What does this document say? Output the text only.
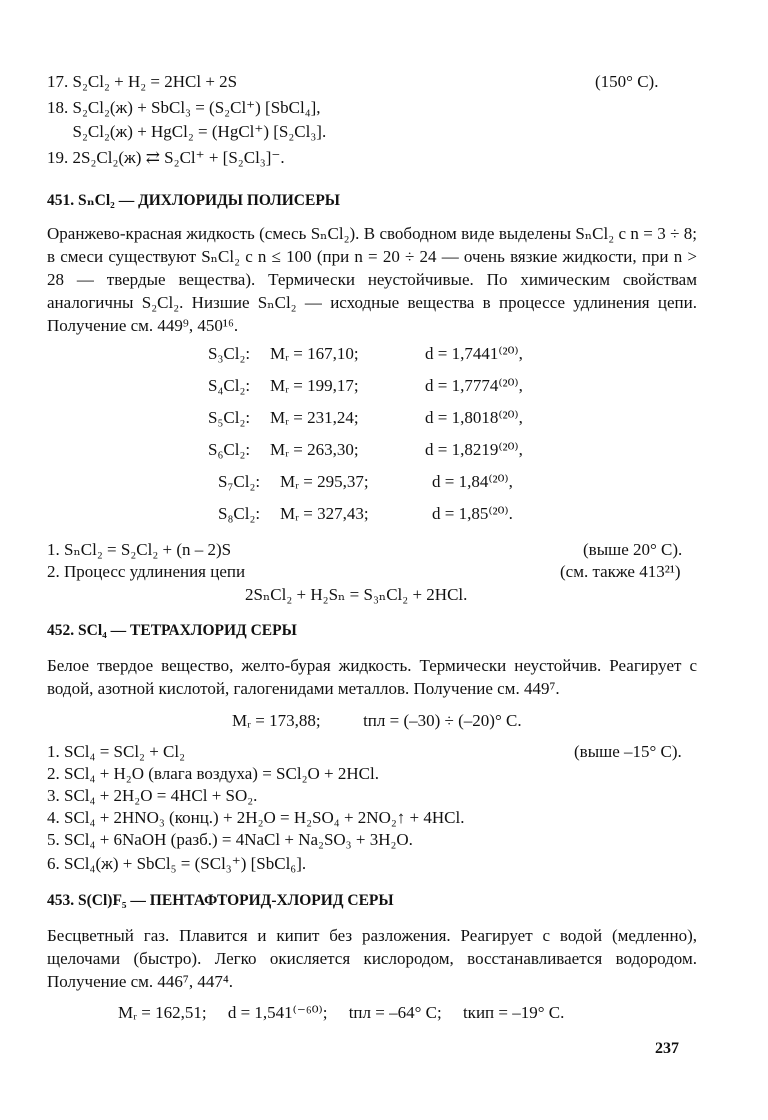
17. S₂Cl₂ + H₂ = 2HCl + 2S	(150° C).
18. S₂Cl₂(ж) + SbCl₃ = (S₂Cl⁺) [SbCl₄],
S₂Cl₂(ж) + HgCl₂ = (HgCl⁺) [S₂Cl₃].
19. 2S₂Cl₂(ж) ⇄ S₂Cl⁺ + [S₂Cl₃]⁻.
451. SₙCl₂ — ДИХЛОРИДЫ ПОЛИСЕРЫ
Оранжево-красная жидкость (смесь SₙCl₂). В свободном виде выделены SₙCl₂ с n = 3 ÷ 8; в смеси существуют SₙCl₂ с n ≤ 100 (при n = 20 ÷ 24 — очень вязкие жидкости, при n > 28 — твердые вещества). Термически неустойчивые. По химическим свойствам аналогичны S₂Cl₂. Низшие SₙCl₂ — исходные вещества в процессе удлинения цепи. Получение см. 449⁹, 450¹⁶.
S₃Cl₂: Mᵣ = 167,10;	d = 1,7441⁽²⁰⁾,
S₄Cl₂: Mᵣ = 199,17;	d = 1,7774⁽²⁰⁾,
S₅Cl₂: Mᵣ = 231,24;	d = 1,8018⁽²⁰⁾,
S₆Cl₂: Mᵣ = 263,30;	d = 1,8219⁽²⁰⁾,
S₇Cl₂: Mᵣ = 295,37;	d = 1,84⁽²⁰⁾,
S₈Cl₂: Mᵣ = 327,43;	d = 1,85⁽²⁰⁾.
1. SₙCl₂ = S₂Cl₂ + (n – 2)S	(выше 20° C).
2. Процесс удлинения цепи	(см. также 413²¹)
2SₙCl₂ + H₂Sₙ = S₃ₙCl₂ + 2HCl.
452. SCl₄ — ТЕТРАХЛОРИД СЕРЫ
Белое твердое вещество, желто-бурая жидкость. Термически неустойчив. Реагирует с водой, азотной кислотой, галогенидами металлов. Получение см. 449⁷.
Mᵣ = 173,88;          tпл = (–30) ÷ (–20)° C.
1. SCl₄ = SCl₂ + Cl₂	(выше –15° C).
2. SCl₄ + H₂O (влага воздуха) = SCl₂O + 2HCl.
3. SCl₄ + 2H₂O = 4HCl + SO₂.
4. SCl₄ + 2HNO₃ (конц.) + 2H₂O = H₂SO₄ + 2NO₂↑ + 4HCl.
5. SCl₄ + 6NaOH (разб.) = 4NaCl + Na₂SO₃ + 3H₂O.
6. SCl₄(ж) + SbCl₅ = (SCl₃⁺) [SbCl₆].
453. S(Cl)F₅ — ПЕНТАФТОРИД-ХЛОРИД СЕРЫ
Бесцветный газ. Плавится и кипит без разложения. Реагирует с водой (медленно), щелочами (быстро). Легко окисляется кислородом, восстанавливается водородом. Получение см. 446⁷, 447⁴.
Mᵣ = 162,51;     d = 1,541⁽⁻⁶⁰⁾;     tпл = –64° C;     tкип = –19° C.
237
